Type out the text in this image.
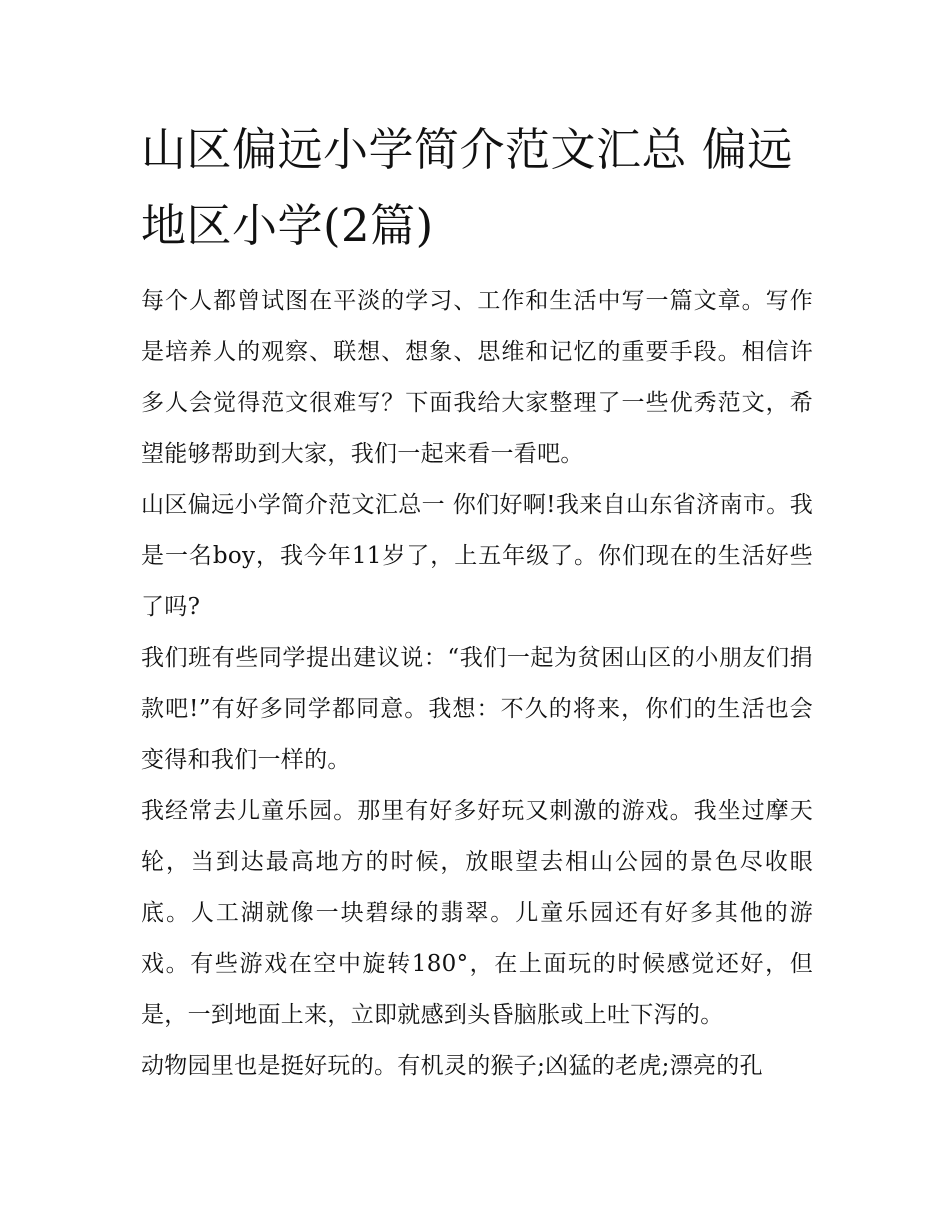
山区偏远小学简介范文汇总 偏远地区小学(2篇)

每个人都曾试图在平淡的学习、工作和生活中写一篇文章。写作是培养人的观察、联想、想象、思维和记忆的重要手段。相信许多人会觉得范文很难写？下面我给大家整理了一些优秀范文，希望能够帮助到大家，我们一起来看一看吧。

山区偏远小学简介范文汇总一 你们好啊!我来自山东省济南市。我是一名boy，我今年11岁了，上五年级了。你们现在的生活好些了吗?

我们班有些同学提出建议说：“我们一起为贫困山区的小朋友们捐款吧!”有好多同学都同意。我想：不久的将来，你们的生活也会变得和我们一样的。

我经常去儿童乐园。那里有好多好玩又刺激的游戏。我坐过摩天轮，当到达最高地方的时候，放眼望去相山公园的景色尽收眼底。人工湖就像一块碧绿的翡翠。儿童乐园还有好多其他的游戏。有些游戏在空中旋转180°，在上面玩的时候感觉还好，但是，一到地面上来，立即就感到头昏脑胀或上吐下泻的。

动物园里也是挺好玩的。有机灵的猴子;凶猛的老虎;漂亮的孔
